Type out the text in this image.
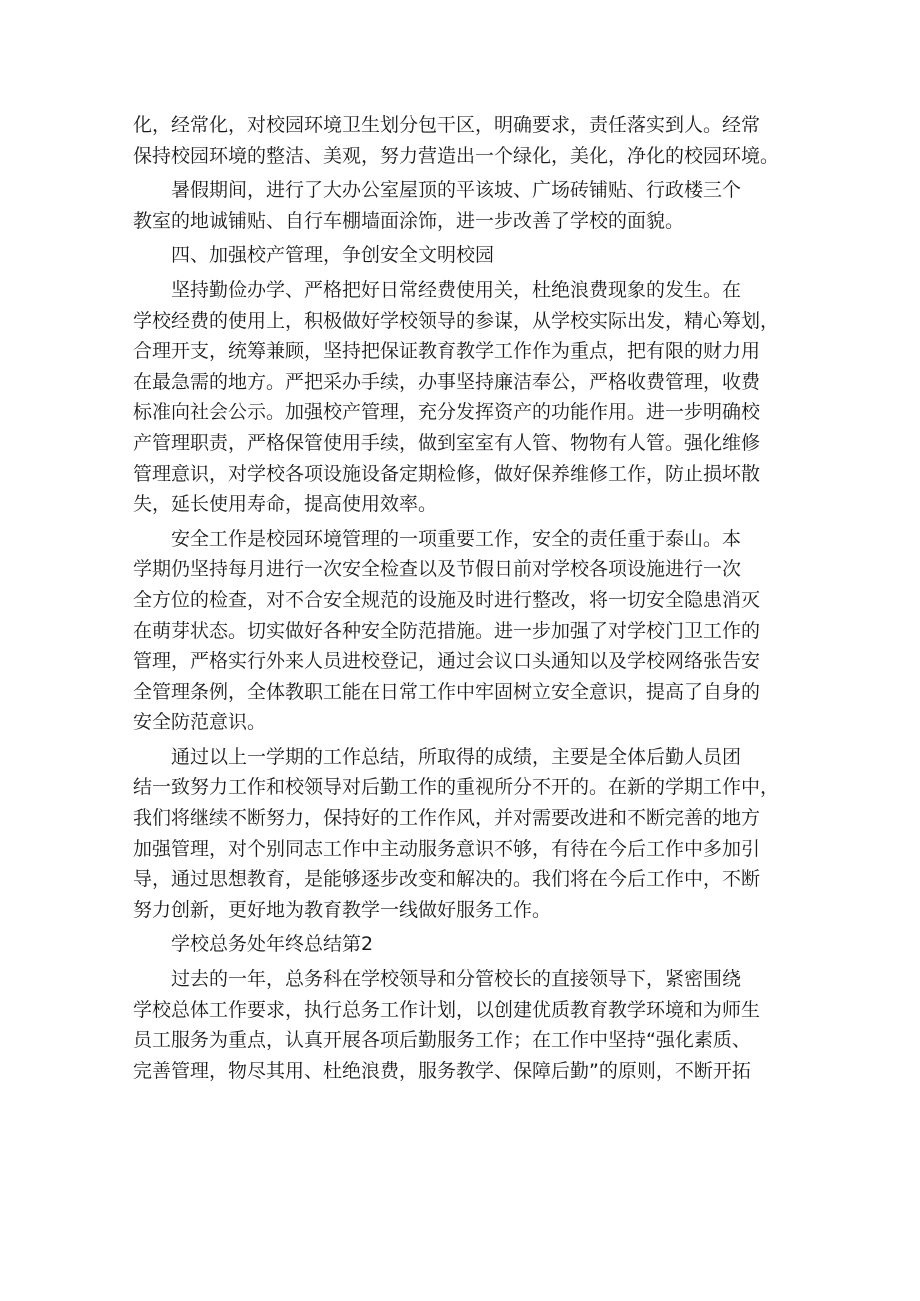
化，经常化，对校园环境卫生划分包干区，明确要求，责任落实到人。经常
保持校园环境的整洁、美观，努力营造出一个绿化，美化，净化的校园环境。
暑假期间，进行了大办公室屋顶的平该坡、广场砖铺贴、行政楼三个
教室的地诚铺贴、自行车棚墙面涂饰，进一步改善了学校的面貌。
四、加强校产管理，争创安全文明校园
坚持勤俭办学、严格把好日常经费使用关，杜绝浪费现象的发生。在
学校经费的使用上，积极做好学校领导的参谋，从学校实际出发，精心筹划，
合理开支，统筹兼顾，坚持把保证教育教学工作作为重点，把有限的财力用
在最急需的地方。严把采办手续，办事坚持廉洁奉公，严格收费管理，收费
标准向社会公示。加强校产管理，充分发挥资产的功能作用。进一步明确校
产管理职责，严格保管使用手续，做到室室有人管、物物有人管。强化维修
管理意识，对学校各项设施设备定期检修，做好保养维修工作，防止损坏散
失，延长使用寿命，提高使用效率。
安全工作是校园环境管理的一项重要工作，安全的责任重于泰山。本
学期仍坚持每月进行一次安全检查以及节假日前对学校各项设施进行一次
全方位的检查，对不合安全规范的设施及时进行整改，将一切安全隐患消灭
在萌芽状态。切实做好各种安全防范措施。进一步加强了对学校门卫工作的
管理，严格实行外来人员进校登记，通过会议口头通知以及学校网络张告安
全管理条例，全体教职工能在日常工作中牢固树立安全意识，提高了自身的
安全防范意识。
通过以上一学期的工作总结，所取得的成绩，主要是全体后勤人员团
结一致努力工作和校领导对后勤工作的重视所分不开的。在新的学期工作中，
我们将继续不断努力，保持好的工作作风，并对需要改进和不断完善的地方
加强管理，对个别同志工作中主动服务意识不够，有待在今后工作中多加引
导，通过思想教育，是能够逐步改变和解决的。我们将在今后工作中，不断
努力创新，更好地为教育教学一线做好服务工作。
学校总务处年终总结第2
过去的一年，总务科在学校领导和分管校长的直接领导下，紧密围绕
学校总体工作要求，执行总务工作计划，以创建优质教育教学环境和为师生
员工服务为重点，认真开展各项后勤服务工作；在工作中坚持“强化素质、
完善管理，物尽其用、杜绝浪费，服务教学、保障后勤”的原则，不断开拓
